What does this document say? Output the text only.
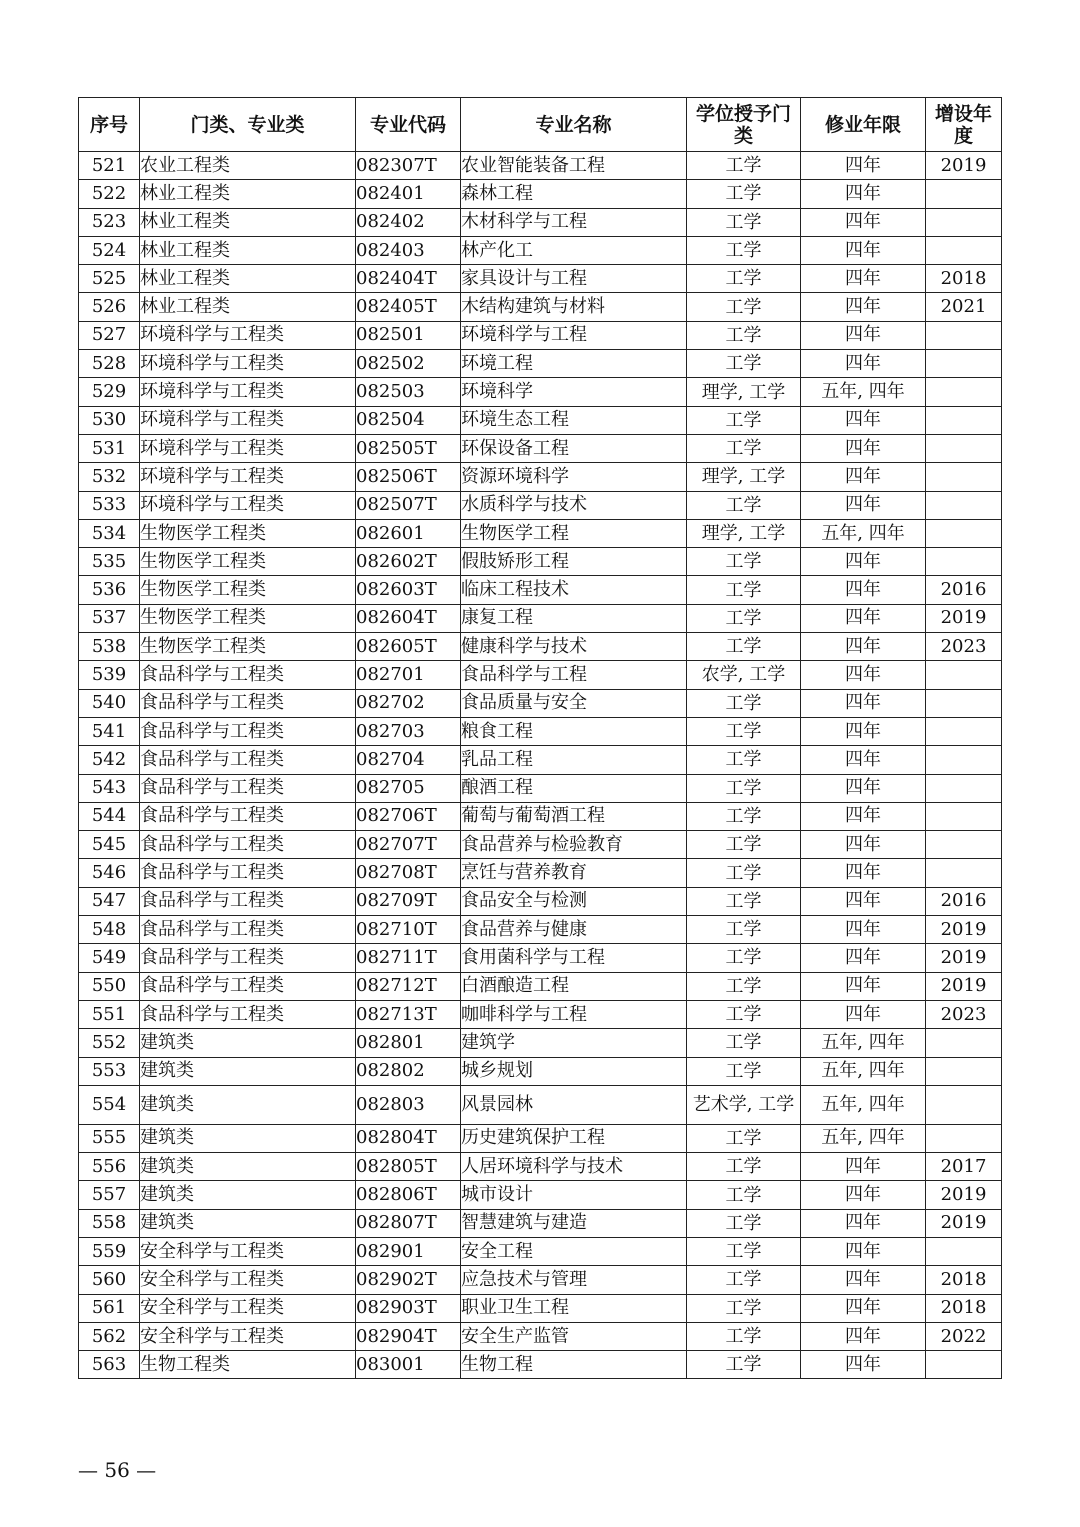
序号	门类、专业类	专业代码	专业名称	学位授予门类	修业年限	增设年度
521	农业工程类	082307T	农业智能装备工程	工学	四年	2019
522	林业工程类	082401	森林工程	工学	四年	
523	林业工程类	082402	木材科学与工程	工学	四年	
524	林业工程类	082403	林产化工	工学	四年	
525	林业工程类	082404T	家具设计与工程	工学	四年	2018
526	林业工程类	082405T	木结构建筑与材料	工学	四年	2021
527	环境科学与工程类	082501	环境科学与工程	工学	四年	
528	环境科学与工程类	082502	环境工程	工学	四年	
529	环境科学与工程类	082503	环境科学	理学, 工学	五年, 四年	
530	环境科学与工程类	082504	环境生态工程	工学	四年	
531	环境科学与工程类	082505T	环保设备工程	工学	四年	
532	环境科学与工程类	082506T	资源环境科学	理学, 工学	四年	
533	环境科学与工程类	082507T	水质科学与技术	工学	四年	
534	生物医学工程类	082601	生物医学工程	理学, 工学	五年, 四年	
535	生物医学工程类	082602T	假肢矫形工程	工学	四年	
536	生物医学工程类	082603T	临床工程技术	工学	四年	2016
537	生物医学工程类	082604T	康复工程	工学	四年	2019
538	生物医学工程类	082605T	健康科学与技术	工学	四年	2023
539	食品科学与工程类	082701	食品科学与工程	农学, 工学	四年	
540	食品科学与工程类	082702	食品质量与安全	工学	四年	
541	食品科学与工程类	082703	粮食工程	工学	四年	
542	食品科学与工程类	082704	乳品工程	工学	四年	
543	食品科学与工程类	082705	酿酒工程	工学	四年	
544	食品科学与工程类	082706T	葡萄与葡萄酒工程	工学	四年	
545	食品科学与工程类	082707T	食品营养与检验教育	工学	四年	
546	食品科学与工程类	082708T	烹饪与营养教育	工学	四年	
547	食品科学与工程类	082709T	食品安全与检测	工学	四年	2016
548	食品科学与工程类	082710T	食品营养与健康	工学	四年	2019
549	食品科学与工程类	082711T	食用菌科学与工程	工学	四年	2019
550	食品科学与工程类	082712T	白酒酿造工程	工学	四年	2019
551	食品科学与工程类	082713T	咖啡科学与工程	工学	四年	2023
552	建筑类	082801	建筑学	工学	五年, 四年	
553	建筑类	082802	城乡规划	工学	五年, 四年	
554	建筑类	082803	风景园林	艺术学, 工学	五年, 四年	
555	建筑类	082804T	历史建筑保护工程	工学	五年, 四年	
556	建筑类	082805T	人居环境科学与技术	工学	四年	2017
557	建筑类	082806T	城市设计	工学	四年	2019
558	建筑类	082807T	智慧建筑与建造	工学	四年	2019
559	安全科学与工程类	082901	安全工程	工学	四年	
560	安全科学与工程类	082902T	应急技术与管理	工学	四年	2018
561	安全科学与工程类	082903T	职业卫生工程	工学	四年	2018
562	安全科学与工程类	082904T	安全生产监管	工学	四年	2022
563	生物工程类	083001	生物工程	工学	四年	
— 56 —
